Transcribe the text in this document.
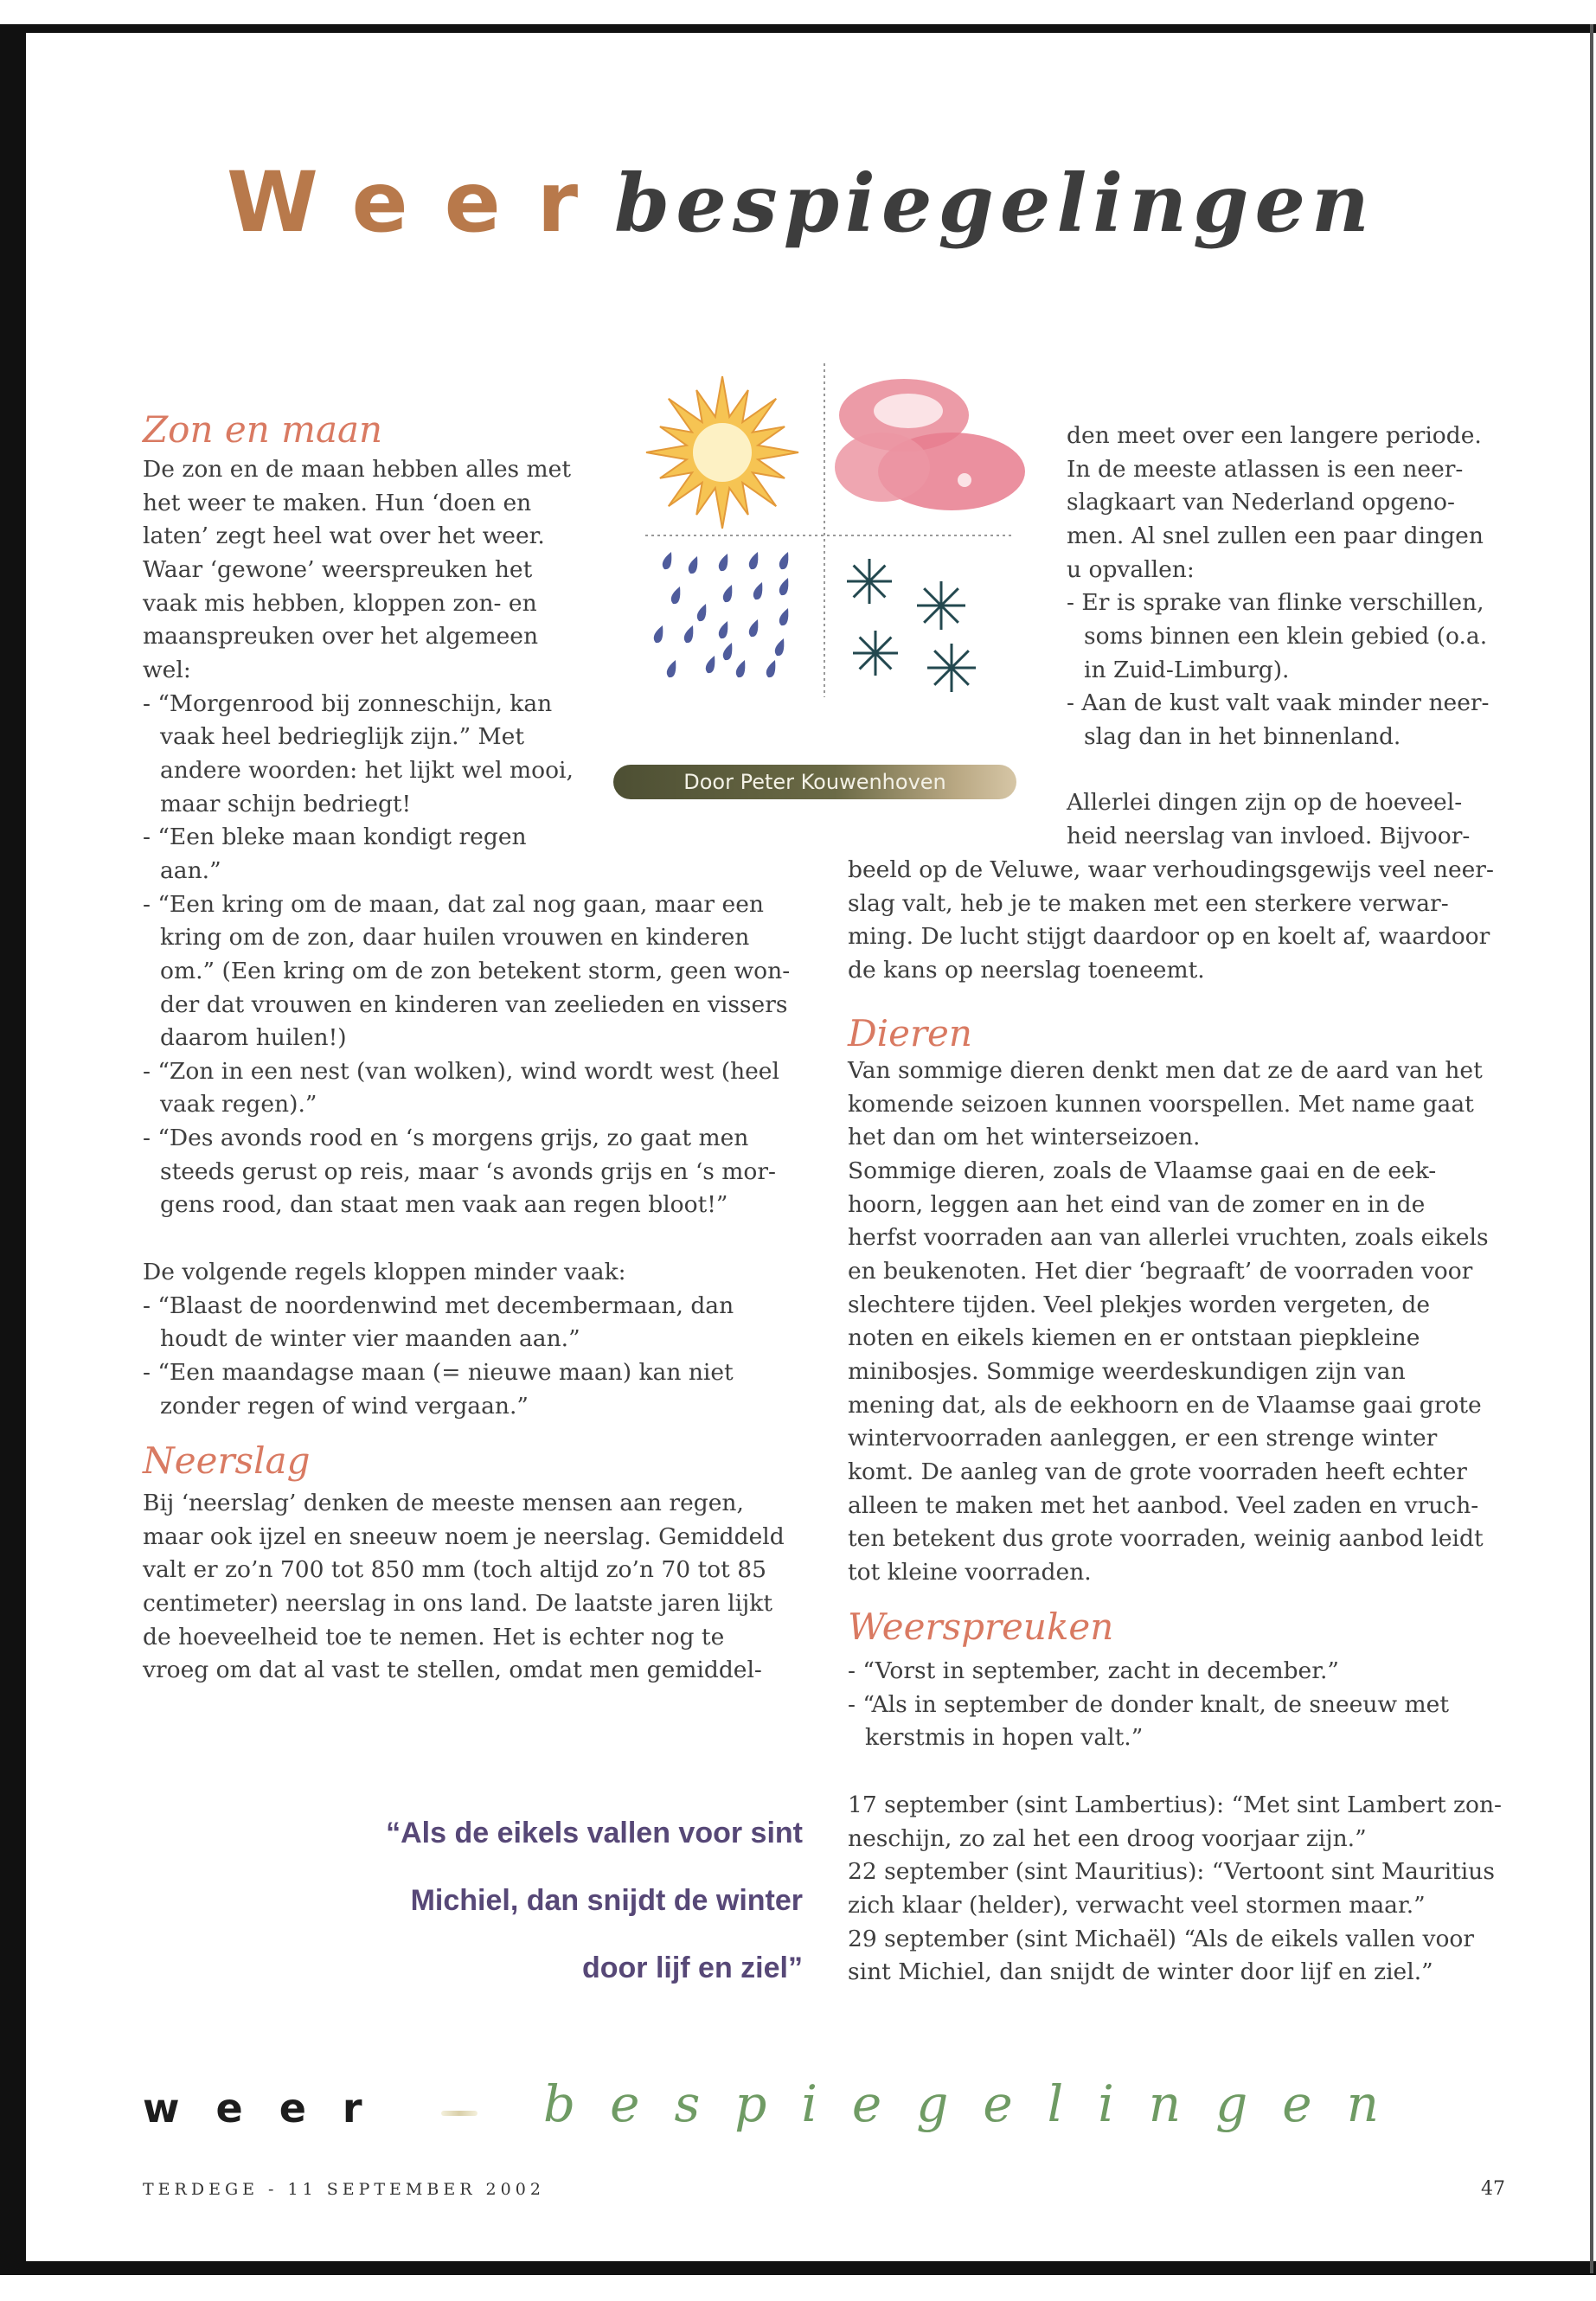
Weerbespiegelingen
Door Peter Kouwenhoven
Zon en maan
Neerslag
Dieren
Weerspreuken
De zon en de maan hebben alles met
het weer te maken. Hun ‘doen en
laten’ zegt heel wat over het weer.
Waar ‘gewone’ weerspreuken het
vaak mis hebben, kloppen zon- en
maanspreuken over het algemeen
wel:
- “Morgenrood bij zonneschijn, kan
vaak heel bedrieglijk zijn.” Met
andere woorden: het lijkt wel mooi,
maar schijn bedriegt!
- “Een bleke maan kondigt regen
aan.”
- “Een kring om de maan, dat zal nog gaan, maar een
kring om de zon, daar huilen vrouwen en kinderen
om.” (Een kring om de zon betekent storm, geen won-
der dat vrouwen en kinderen van zeelieden en vissers
daarom huilen!)
- “Zon in een nest (van wolken), wind wordt west (heel
vaak regen).”
- “Des avonds rood en ‘s morgens grijs, zo gaat men
steeds gerust op reis, maar ‘s avonds grijs en ‘s mor-
gens rood, dan staat men vaak aan regen bloot!”
De volgende regels kloppen minder vaak:
- “Blaast de noordenwind met decembermaan, dan
houdt de winter vier maanden aan.”
- “Een maandagse maan (= nieuwe maan) kan niet
zonder regen of wind vergaan.”
Bij ‘neerslag’ denken de meeste mensen aan regen,
maar ook ijzel en sneeuw noem je neerslag. Gemiddeld
valt er zo’n 700 tot 850 mm (toch altijd zo’n 70 tot 85
centimeter) neerslag in ons land. De laatste jaren lijkt
de hoeveelheid toe te nemen. Het is echter nog te
vroeg om dat al vast te stellen, omdat men gemiddel-
den meet over een langere periode.
In de meeste atlassen is een neer-
slagkaart van Nederland opgeno-
men. Al snel zullen een paar dingen
u opvallen:
- Er is sprake van flinke verschillen,
soms binnen een klein gebied (o.a.
in Zuid-Limburg).
- Aan de kust valt vaak minder neer-
slag dan in het binnenland.
Allerlei dingen zijn op de hoeveel-
heid neerslag van invloed. Bijvoor-
beeld op de Veluwe, waar verhoudingsgewijs veel neer-
slag valt, heb je te maken met een sterkere verwar-
ming. De lucht stijgt daardoor op en koelt af, waardoor
de kans op neerslag toeneemt.
Van sommige dieren denkt men dat ze de aard van het
komende seizoen kunnen voorspellen. Met name gaat
het dan om het winterseizoen.
Sommige dieren, zoals de Vlaamse gaai en de eek-
hoorn, leggen aan het eind van de zomer en in de
herfst voorraden aan van allerlei vruchten, zoals eikels
en beukenoten. Het dier ‘begraaft’ de voorraden voor
slechtere tijden. Veel plekjes worden vergeten, de
noten en eikels kiemen en er ontstaan piepkleine
minibosjes. Sommige weerdeskundigen zijn van
mening dat, als de eekhoorn en de Vlaamse gaai grote
wintervoorraden aanleggen, er een strenge winter
komt. De aanleg van de grote voorraden heeft echter
alleen te maken met het aanbod. Veel zaden en vruch-
ten betekent dus grote voorraden, weinig aanbod leidt
tot kleine voorraden.
- “Vorst in september, zacht in december.”
- “Als in september de donder knalt, de sneeuw met
kerstmis in hopen valt.”
17 september (sint Lambertius): “Met sint Lambert zon-
neschijn, zo zal het een droog voorjaar zijn.”
22 september (sint Mauritius): “Vertoont sint Mauritius
zich klaar (helder), verwacht veel stormen maar.”
29 september (sint Michaël) “Als de eikels vallen voor
sint Michiel, dan snijdt de winter door lijf en ziel.”
“Als de eikels vallen voor sint
Michiel, dan snijdt de winter
door lijf en ziel”
weer	bespiegelingen
TERDEGE - 11 SEPTEMBER 2002	47
